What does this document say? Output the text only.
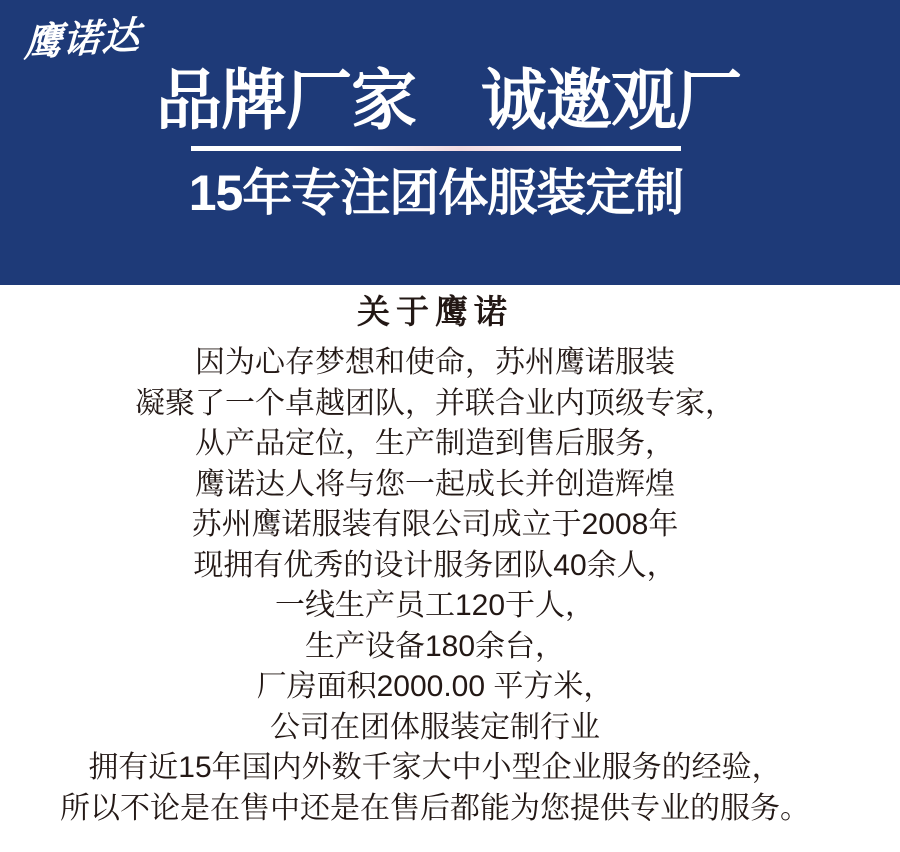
鹰诺达
品牌厂家　诚邀观厂
15年专注团体服装定制
关于鹰诺

因为心存梦想和使命，苏州鹰诺服装

凝聚了一个卓越团队，并联合业内顶级专家，

从产品定位，生产制造到售后服务，

鹰诺达人将与您一起成长并创造辉煌

苏州鹰诺服装有限公司成立于2008年

现拥有优秀的设计服务团队40余人，

一线生产员工120于人，

生产设备180余台，

厂房面积2000.00 平方米，

公司在团体服装定制行业

拥有近15年国内外数千家大中小型企业服务的经验，

所以不论是在售中还是在售后都能为您提供专业的服务。
